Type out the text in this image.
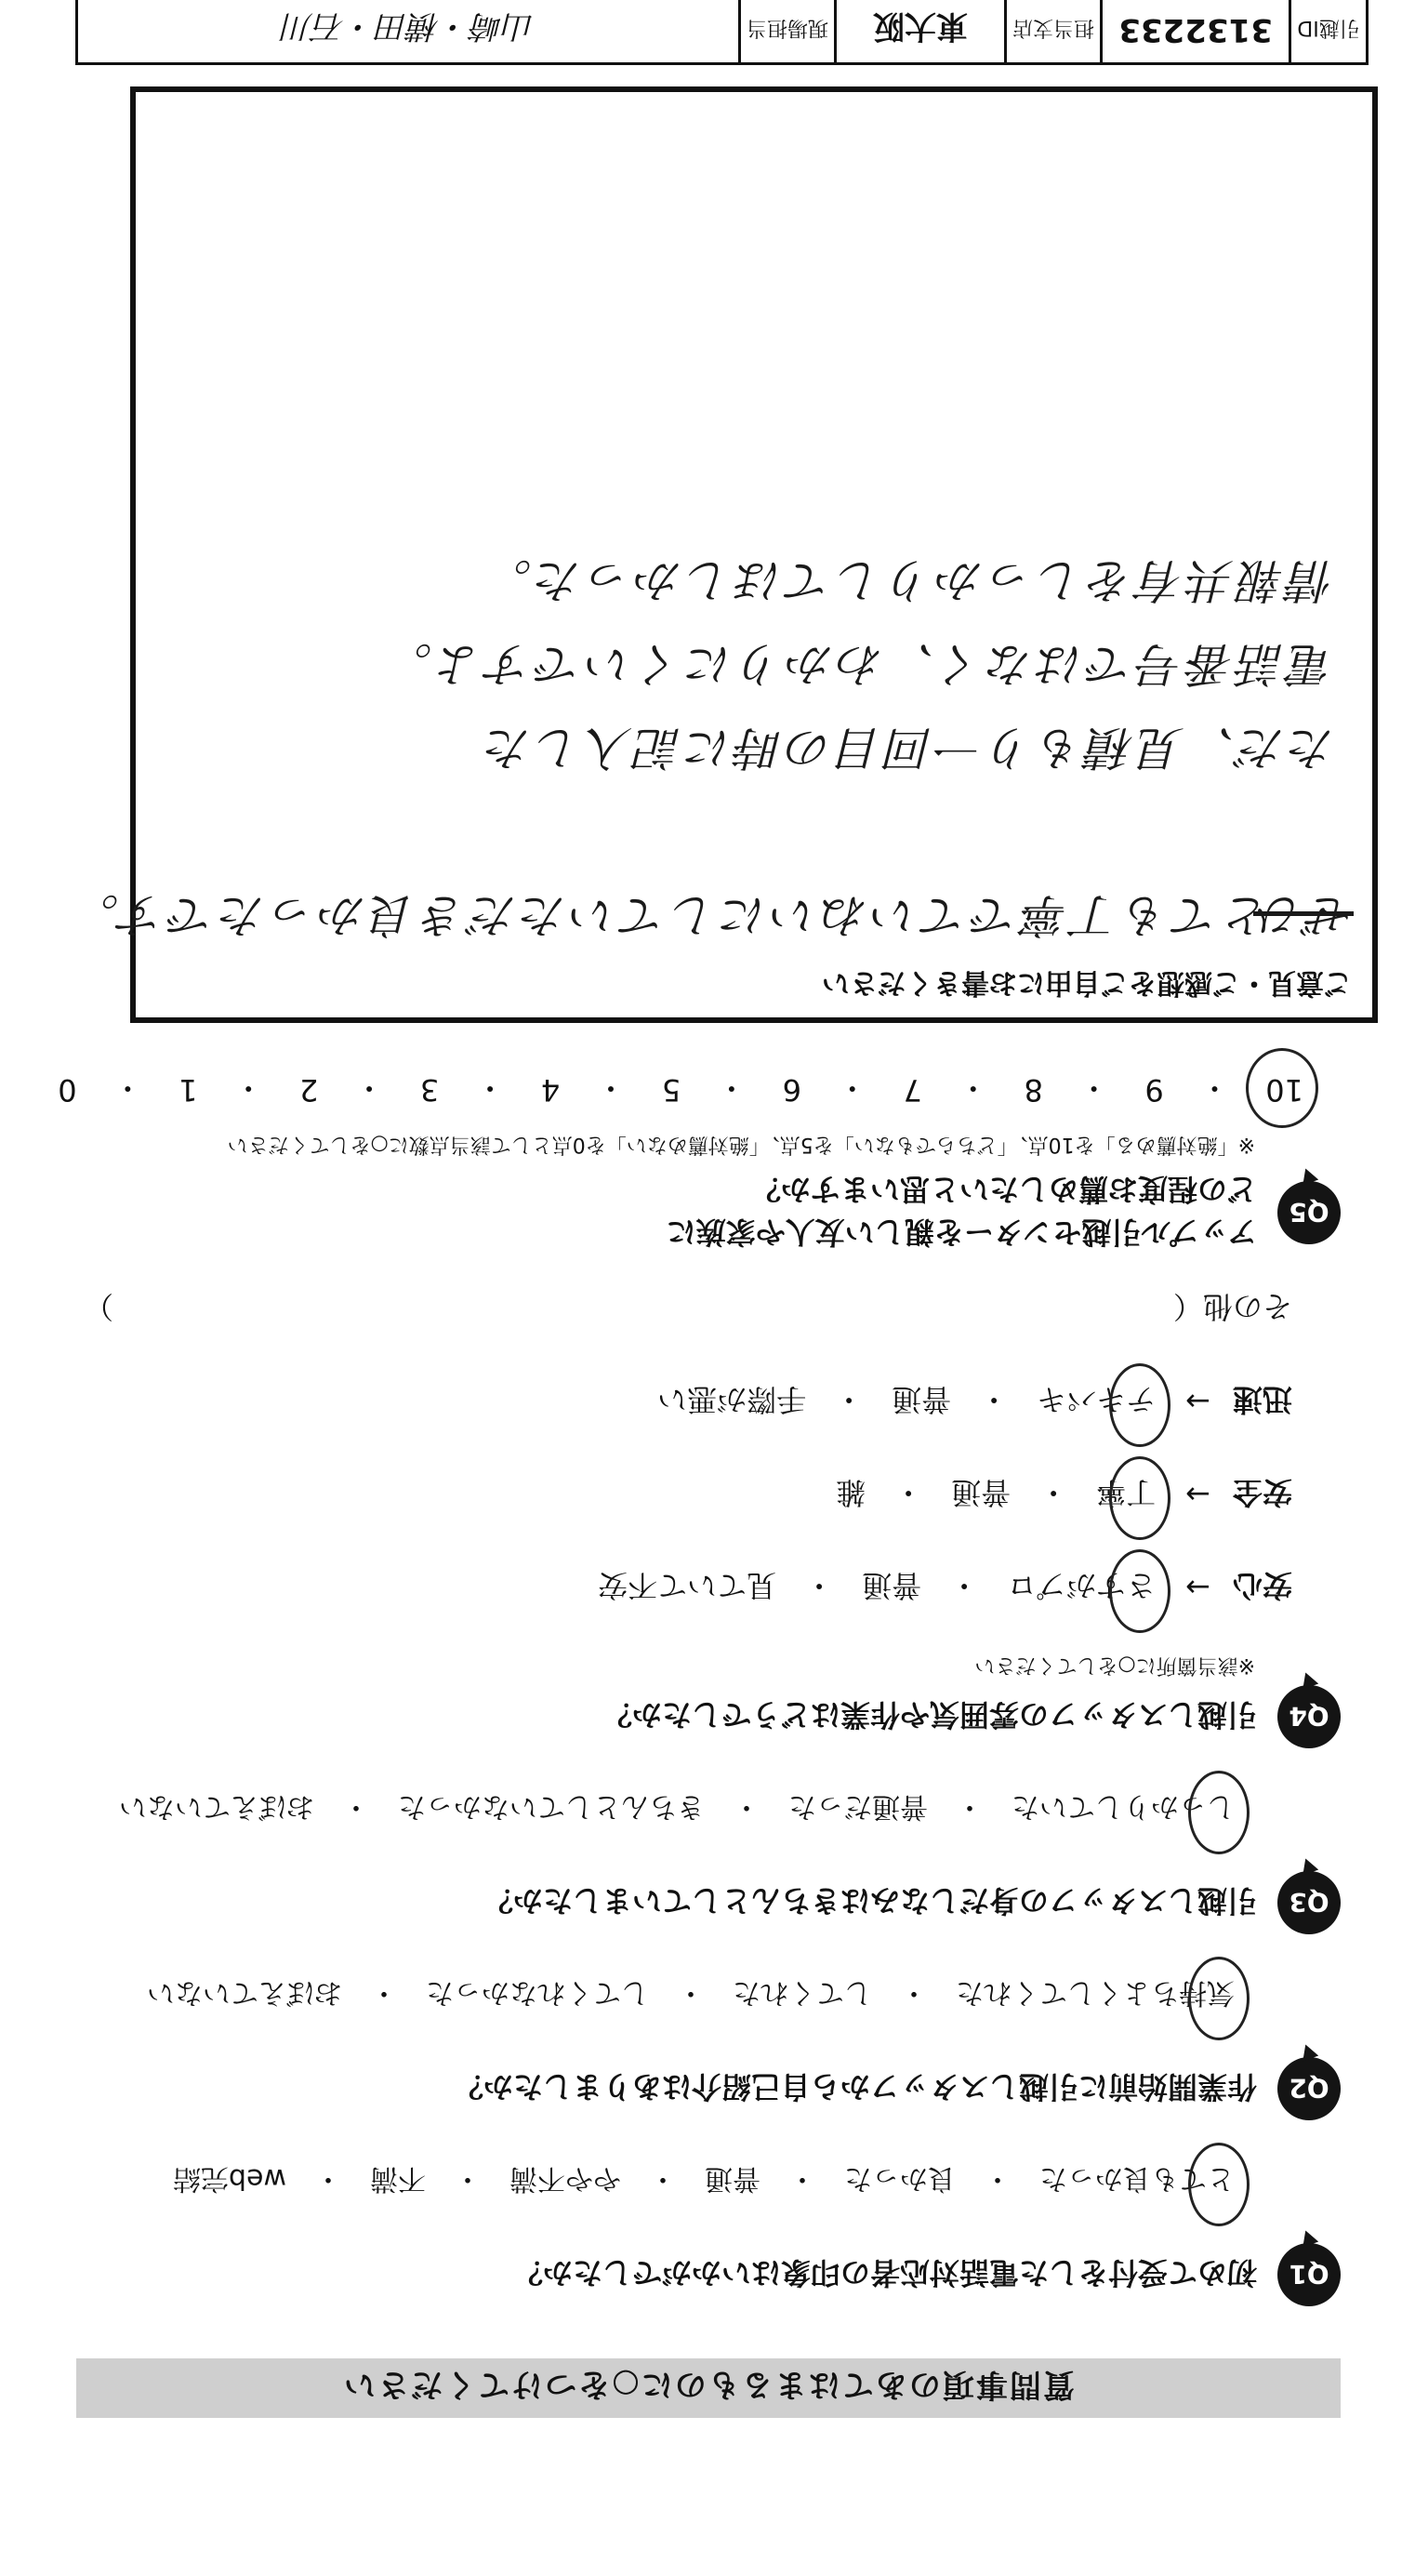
質問事項のあてはまるものに○をつけてください
Q1
初めて受付をした電話対応者の印象はいかがでしたか？
とても良かった
・
良かった
・
普通
・
やや不満
・
不満
・
web完結
Q2
作業開始前に引越しスタッフから自己紹介はありましたか？
気持ちよくしてくれた
・
してくれた
・
してくれなかった
・
おぼえていない
Q3
引越しスタッフの身だしなみはきちんとしていましたか？
しっかりしていた
・
普通だった
・
きちんとしていなかった
・
おぼえていない
Q4
引越しスタッフの雰囲気や作業はどうでしたか？
※該当箇所に○をしてください
安心
→
さすがプロ
・
普通
・
見ていて不安
安全
→
丁寧
・
普通
・
雑
迅速
→
テキパキ
・
普通
・
手際が悪い
その他（
）
Q5
アップル引越センターを親しい友人や家族に
どの程度お薦めしたいと思いますか？
※「絶対薦める」を10点、「どちらでもない」を5点、「絶対薦めない」を0点として該当点数に○をしてください
10
・
9
・
8
・
7
・
6
・
5
・
4
・
3
・
2
・
1
・
0
ご意見・ご感想をご自由にお書きください
ぜひ
とても丁寧でていねいにしていただき良かったです。
ただ、見積もり一回目の時に記入した
電話番号ではなく、わかりにくいですよ。
情報共有をしっかりしてほしかった。
引越ID
3132233
担当支店
東大阪
現場担当
山崎・横田・石川
